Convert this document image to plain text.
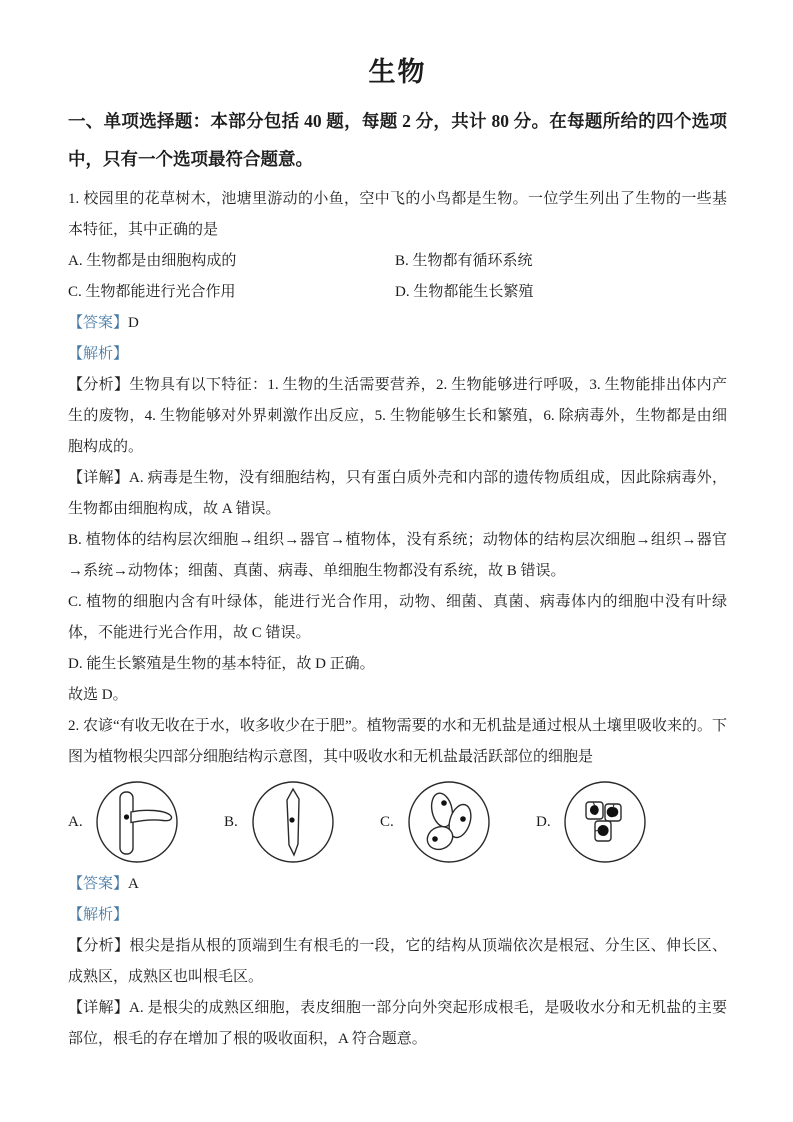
生物
一、单项选择题：本部分包括 40 题，每题 2 分，共计 80 分。在每题所给的四个选项中，只有一个选项最符合题意。

1. 校园里的花草树木，池塘里游动的小鱼，空中飞的小鸟都是生物。一位学生列出了生物的一些基本特征，其中正确的是

A. 生物都是由细胞构成的	B. 生物都有循环系统
C. 生物都能进行光合作用	D. 生物都能生长繁殖

【答案】D

【解析】

【分析】生物具有以下特征：1. 生物的生活需要营养，2. 生物能够进行呼吸，3. 生物能排出体内产生的废物，4. 生物能够对外界刺激作出反应，5. 生物能够生长和繁殖，6. 除病毒外，生物都是由细胞构成的。

【详解】A. 病毒是生物，没有细胞结构，只有蛋白质外壳和内部的遗传物质组成，因此除病毒外，生物都由细胞构成，故 A 错误。

B. 植物体的结构层次细胞→组织→器官→植物体，没有系统；动物体的结构层次细胞→组织→器官→系统→动物体；细菌、真菌、病毒、单细胞生物都没有系统，故 B 错误。

C. 植物的细胞内含有叶绿体，能进行光合作用，动物、细菌、真菌、病毒体内的细胞中没有叶绿体，不能进行光合作用，故 C 错误。

D. 能生长繁殖是生物的基本特征，故 D 正确。

故选 D。

2. 农谚“有收无收在于水，收多收少在于肥”。植物需要的水和无机盐是通过根从土壤里吸收来的。下图为植物根尖四部分细胞结构示意图，其中吸收水和无机盐最活跃部位的细胞是

A.	B.	C.	D.

【答案】A

【解析】

【分析】根尖是指从根的顶端到生有根毛的一段，它的结构从顶端依次是根冠、分生区、伸长区、成熟区，成熟区也叫根毛区。

【详解】A. 是根尖的成熟区细胞，表皮细胞一部分向外突起形成根毛，是吸收水分和无机盐的主要部位，根毛的存在增加了根的吸收面积，A 符合题意。
